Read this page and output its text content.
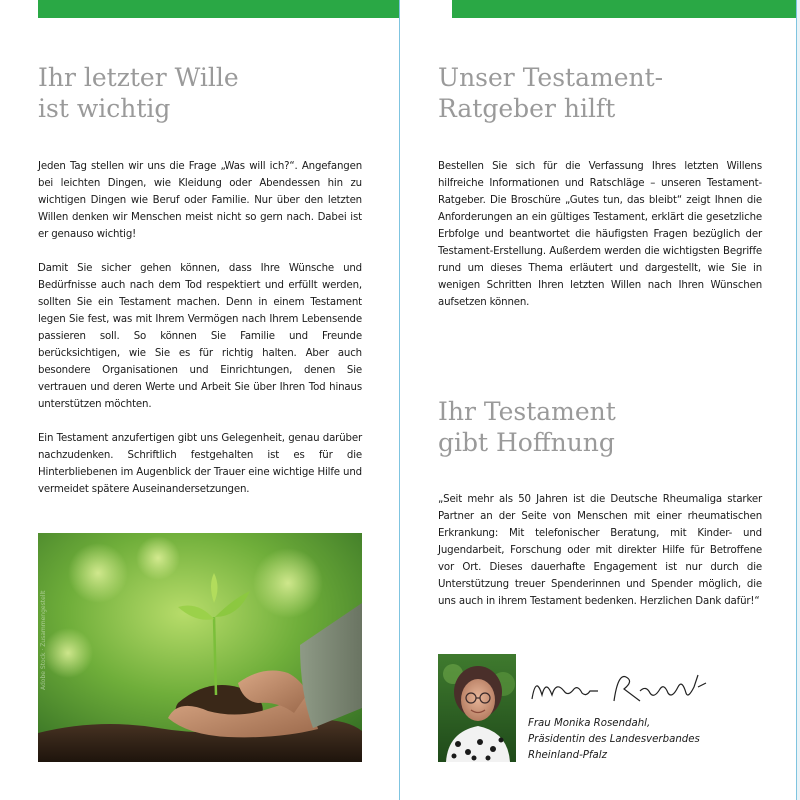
Ihr letzter Wille
ist wichtig

Jeden Tag stellen wir uns die Frage „Was will ich?“. Angefangen bei leichten Dingen, wie Kleidung oder Abendessen hin zu wichtigen Dingen wie Beruf oder Familie. Nur über den letzten Willen denken wir Menschen meist nicht so gern nach. Dabei ist er genauso wichtig!

Damit Sie sicher gehen können, dass Ihre Wünsche und Bedürfnisse auch nach dem Tod respektiert und erfüllt werden, sollten Sie ein Testament machen. Denn in einem Testament legen Sie fest, was mit Ihrem Vermögen nach Ihrem Lebensende passieren soll. So können Sie Familie und Freunde berücksichtigen, wie Sie es für richtig halten. Aber auch besondere Organisationen und Einrichtungen, denen Sie vertrauen und deren Werte und Arbeit Sie über Ihren Tod hinaus unterstützen möchten.

Ein Testament anzufertigen gibt uns Gelegenheit, genau darüber nachzudenken. Schriftlich festgehalten ist es für die Hinterbliebenen im Augenblick der Trauer eine wichtige Hilfe und vermeidet spätere Auseinandersetzungen.

Adobe Stock · Zusammengestellt
Unser Testament-
Ratgeber hilft

Bestellen Sie sich für die Verfassung Ihres letzten Willens hilfreiche Informationen und Ratschläge – unseren Testament-Ratgeber. Die Broschüre „Gutes tun, das bleibt“ zeigt Ihnen die Anforderungen an ein gültiges Testament, erklärt die gesetzliche Erbfolge und beantwortet die häufigsten Fragen bezüglich der Testament-Erstellung. Außerdem werden die wichtigsten Begriffe rund um dieses Thema erläutert und dargestellt, wie Sie in wenigen Schritten Ihren letzten Willen nach Ihren Wünschen aufsetzen können.

Ihr Testament
gibt Hoffnung

„Seit mehr als 50 Jahren ist die Deutsche Rheumaliga starker Partner an der Seite von Menschen mit einer rheumatischen Erkrankung: Mit telefonischer Beratung, mit Kinder- und Jugendarbeit, Forschung oder mit direkter Hilfe für Betroffene vor Ort. Dieses dauerhafte Engagement ist nur durch die Unterstützung treuer Spenderinnen und Spender möglich, die uns auch in ihrem Testament bedenken. Herzlichen Dank dafür!“

Frau Monika Rosendahl,
Präsidentin des Landesverbandes
Rheinland-Pfalz
